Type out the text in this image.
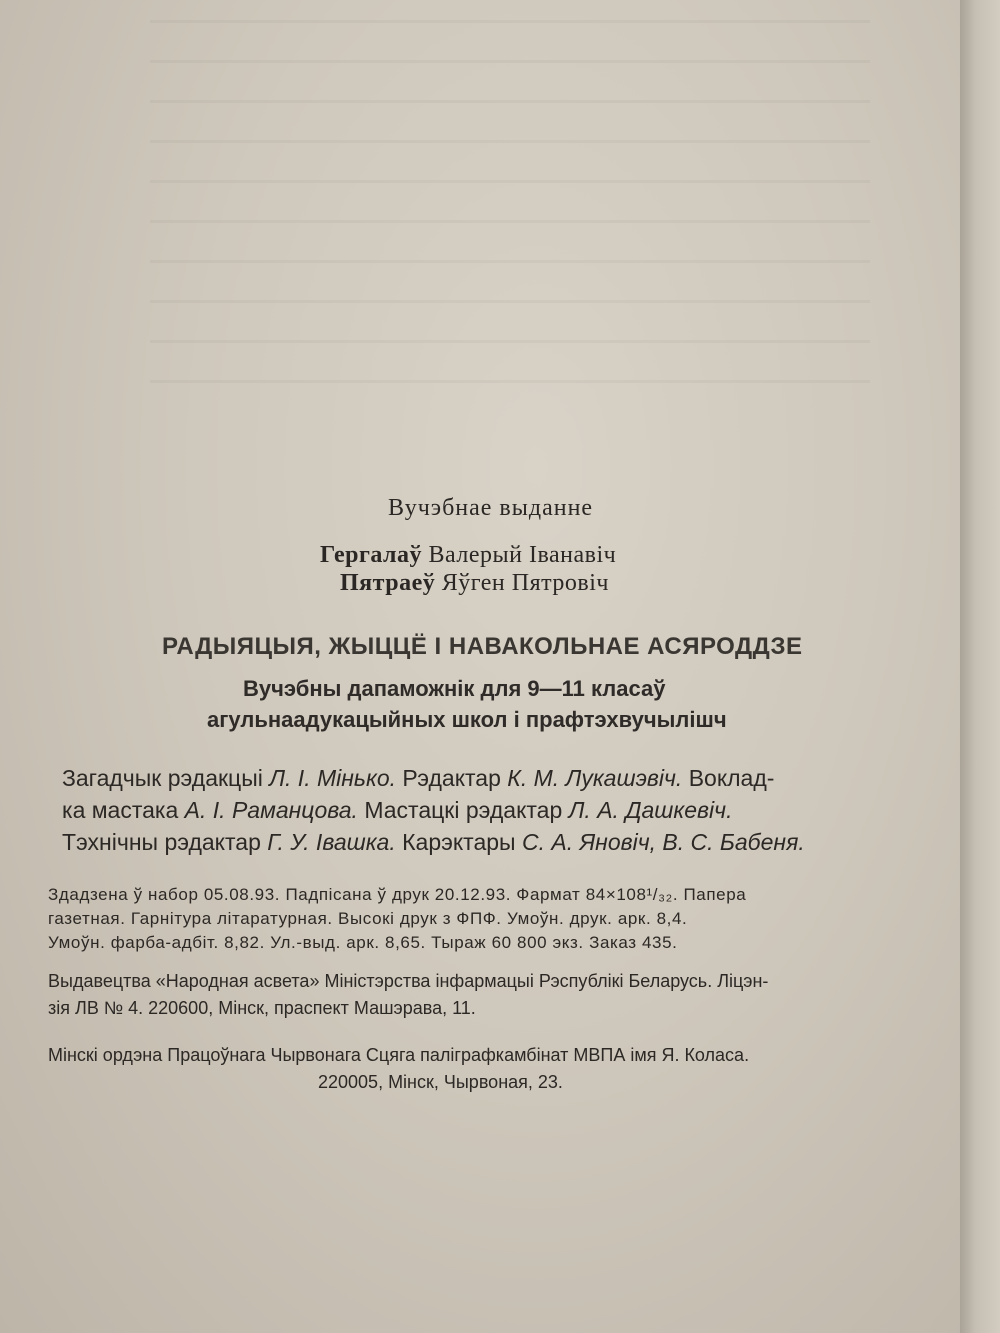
Вучэбнае выданне
Гергалаў Валерый Іванавіч
Пятраеў Яўген Пятровіч
РАДЫЯЦЫЯ, ЖЫЦЦЁ І НАВАКОЛЬНАЕ АСЯРОДДЗЕ
Вучэбны дапаможнік для 9—11 класаў
агульнаадукацыйных школ і прафтэхвучылішч
Загадчык рэдакцыі Л. І. Мінько. Рэдактар К. М. Лукашэвіч. Воклад-
ка мастака А. І. Раманцова. Мастацкі рэдактар Л. А. Дашкевіч.
Тэхнічны рэдактар Г. У. Івашка. Карэктары С. А. Яновіч, В. С. Бабеня.
Здадзена ў набор 05.08.93. Падпісана ў друк 20.12.93. Фармат 84×108¹/₃₂. Папера
газетная. Гарнітура літаратурная. Высокі друк з ФПФ. Умоўн. друк. арк. 8,4.
Умоўн. фарба-адбіт. 8,82. Ул.-выд. арк. 8,65. Тыраж 60 800 экз. Заказ 435.
Выдавецтва «Народная асвета» Міністэрства інфармацыі Рэспублікі Беларусь. Ліцэн-
зія ЛВ № 4. 220600, Мінск, праспект Машэрава, 11.
Мінскі ордэна Працоўнага Чырвонага Сцяга паліграфкамбінат МВПА імя Я. Коласа.
220005, Мінск, Чырвоная, 23.
